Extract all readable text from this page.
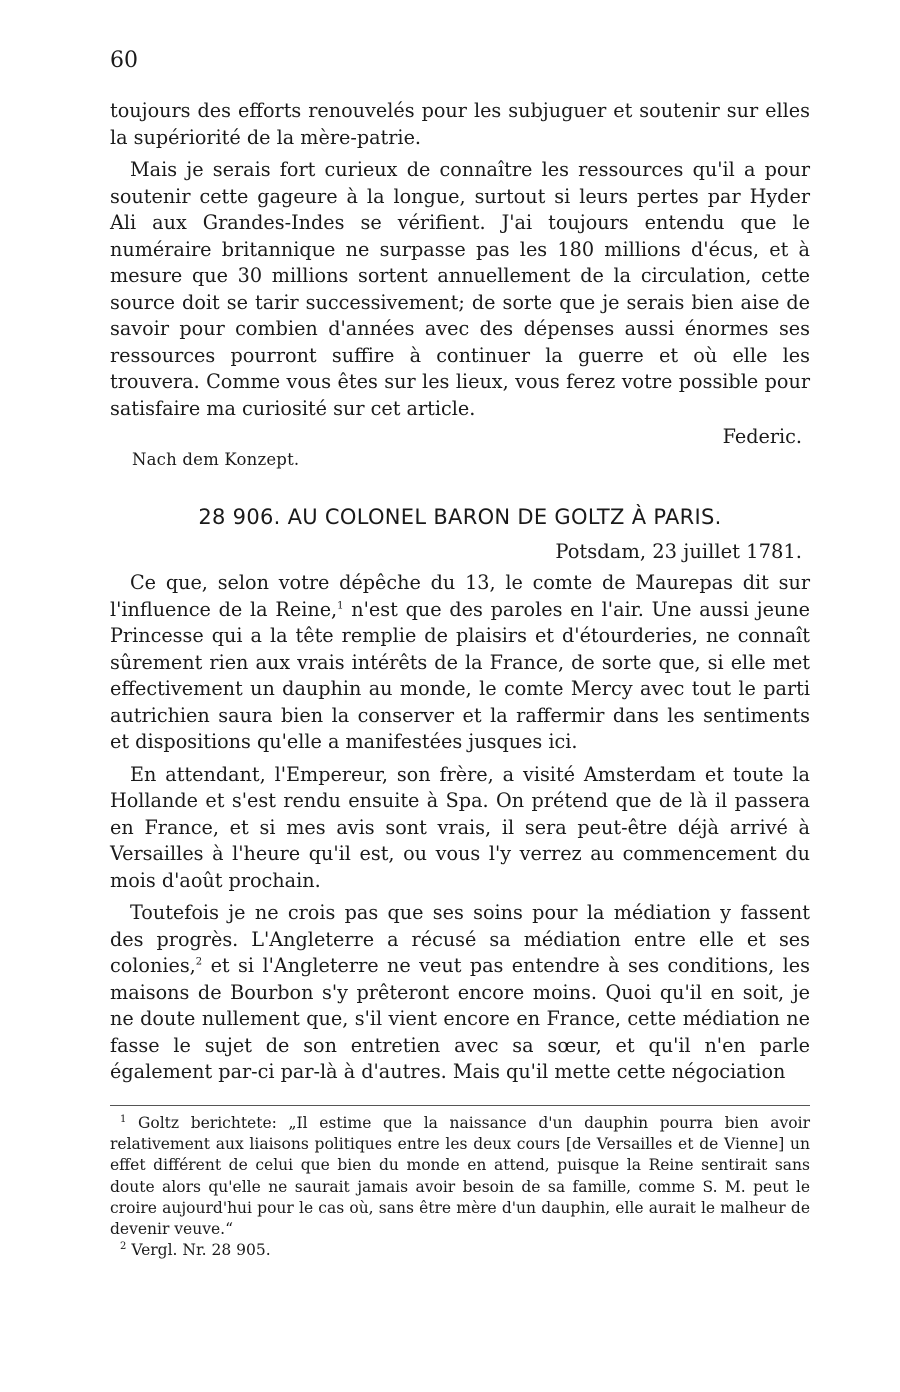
60

toujours des efforts renouvelés pour les subjuguer et soutenir sur elles la supériorité de la mère-patrie.

Mais je serais fort curieux de connaître les ressources qu'il a pour soutenir cette gageure à la longue, surtout si leurs pertes par Hyder Ali aux Grandes-Indes se vérifient. J'ai toujours entendu que le numéraire britannique ne surpasse pas les 180 millions d'écus, et à mesure que 30 millions sortent annuellement de la circulation, cette source doit se tarir successivement; de sorte que je serais bien aise de savoir pour combien d'années avec des dépenses aussi énormes ses ressources pourront suffire à continuer la guerre et où elle les trouvera. Comme vous êtes sur les lieux, vous ferez votre possible pour satisfaire ma curiosité sur cet article.

Federic.

Nach dem Konzept.

28 906. AU COLONEL BARON DE GOLTZ À PARIS.
Potsdam, 23 juillet 1781.

Ce que, selon votre dépêche du 13, le comte de Maurepas dit sur l'influence de la Reine,$^1$ n'est que des paroles en l'air. Une aussi jeune Princesse qui a la tête remplie de plaisirs et d'étourderies, ne connaît sûrement rien aux vrais intérêts de la France, de sorte que, si elle met effectivement un dauphin au monde, le comte Mercy avec tout le parti autrichien saura bien la conserver et la raffermir dans les sentiments et dispositions qu'elle a manifestées jusques ici.

En attendant, l'Empereur, son frère, a visité Amsterdam et toute la Hollande et s'est rendu ensuite à Spa. On prétend que de là il passera en France, et si mes avis sont vrais, il sera peut-être déjà arrivé à Versailles à l'heure qu'il est, ou vous l'y verrez au commencement du mois d'août prochain.

Toutefois je ne crois pas que ses soins pour la médiation y fassent des progrès. L'Angleterre a récusé sa médiation entre elle et ses colonies,$^2$ et si l'Angleterre ne veut pas entendre à ses conditions, les maisons de Bourbon s'y prêteront encore moins. Quoi qu'il en soit, je ne doute nullement que, s'il vient encore en France, cette médiation ne fasse le sujet de son entretien avec sa sœur, et qu'il n'en parle également par-ci par-là à d'autres. Mais qu'il mette cette négociation

$^1$ Goltz berichtete: „Il estime que la naissance d'un dauphin pourra bien avoir relativement aux liaisons politiques entre les deux cours [de Versailles et de Vienne] un effet différent de celui que bien du monde en attend, puisque la Reine sentirait sans doute alors qu'elle ne saurait jamais avoir besoin de sa famille, comme S. M. peut le croire aujourd'hui pour le cas où, sans être mère d'un dauphin, elle aurait le malheur de devenir veuve.“

$^2$ Vergl. Nr. 28 905.
